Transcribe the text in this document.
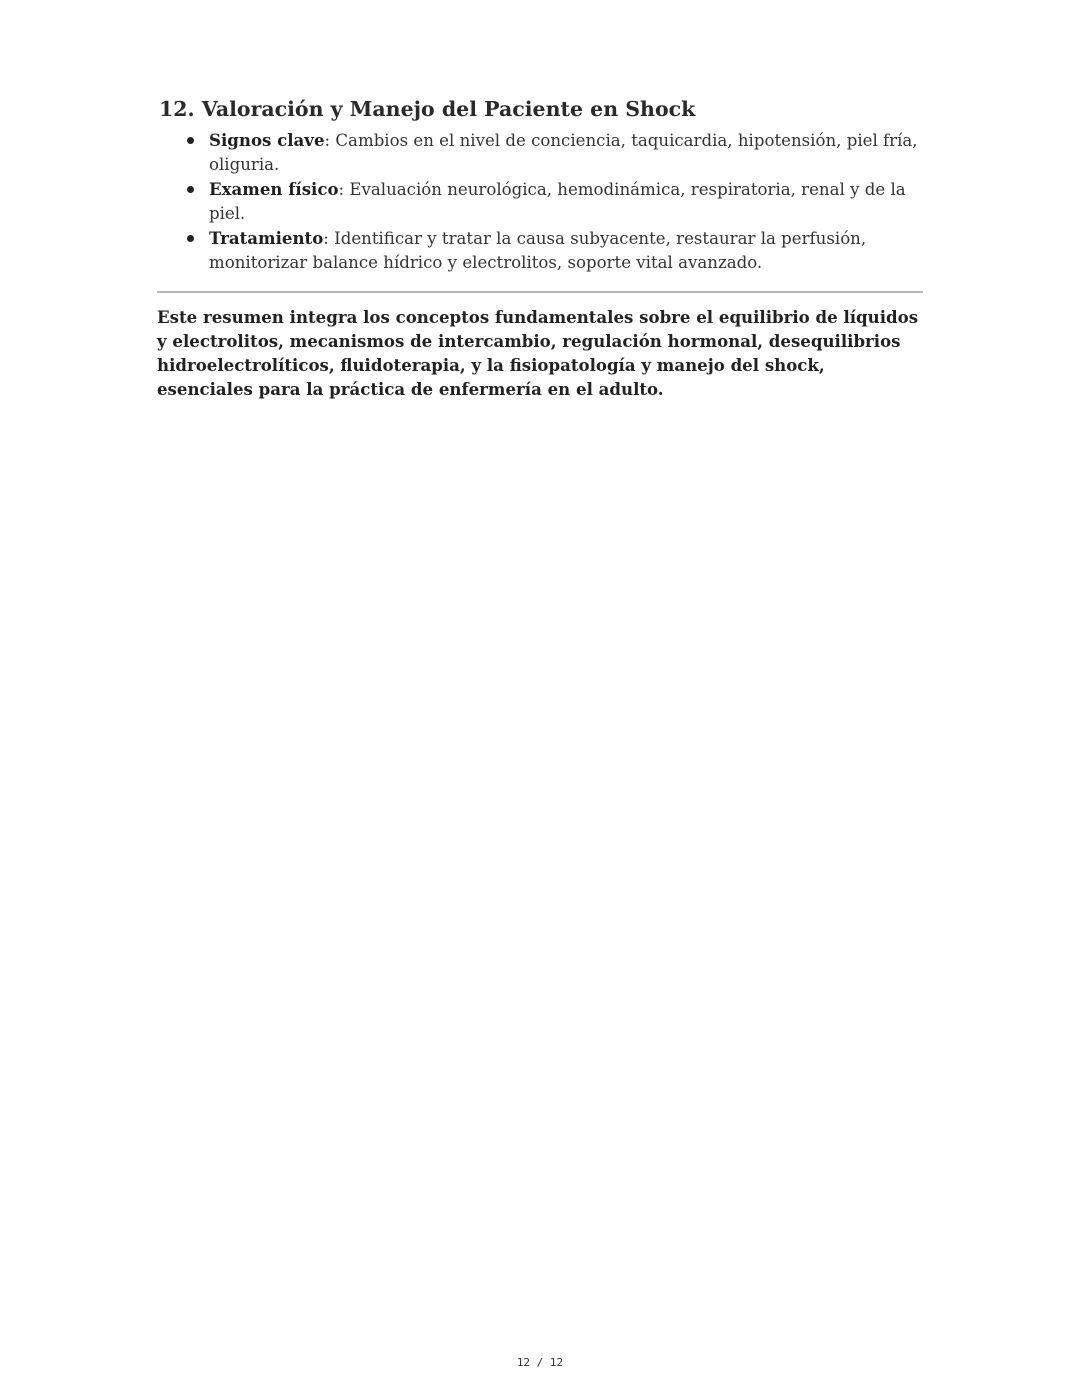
12. Valoración y Manejo del Paciente en Shock
Signos clave: Cambios en el nivel de conciencia, taquicardia, hipotensión, piel fría, oliguria.
Examen físico: Evaluación neurológica, hemodinámica, respiratoria, renal y de la piel.
Tratamiento: Identificar y tratar la causa subyacente, restaurar la perfusión, monitorizar balance hídrico y electrolitos, soporte vital avanzado.

Este resumen integra los conceptos fundamentales sobre el equilibrio de líquidos y electrolitos, mecanismos de intercambio, regulación hormonal, desequilibrios hidroelectrolíticos, fluidoterapia, y la fisiopatología y manejo del shock, esenciales para la práctica de enfermería en el adulto.

12 / 12
